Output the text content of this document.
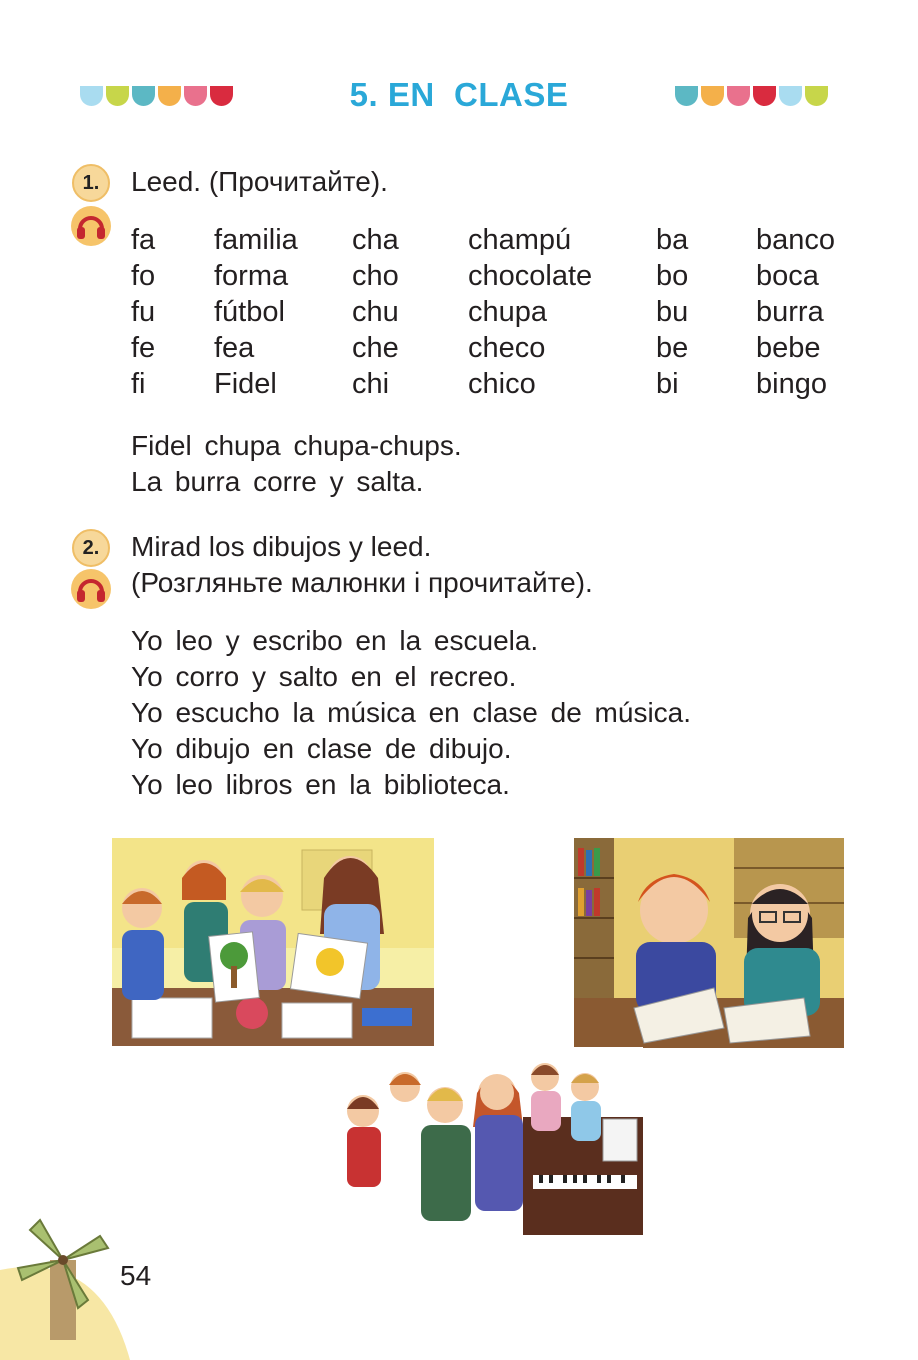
5. EN  CLASE
1.	Leed. (Прочитайте).
fa
fo
fu
fe
fi
familia
forma
fútbol
fea
Fidel
cha
cho
chu
che
chi
champú
chocolate
chupa
checo
chico
ba
bo
bu
be
bi
banco
boca
burra
bebe
bingo
Fidel chupa chupa-chups.
La burra corre y salta.
2.	Mirad los dibujos y leed.
(Розгляньте малюнки і прочитайте).
Yo leo y escribo en la escuela.
Yo corro y salto en el recreo.
Yo escucho la música en clase de música.
Yo dibujo en clase de dibujo.
Yo leo libros en la biblioteca.
54
